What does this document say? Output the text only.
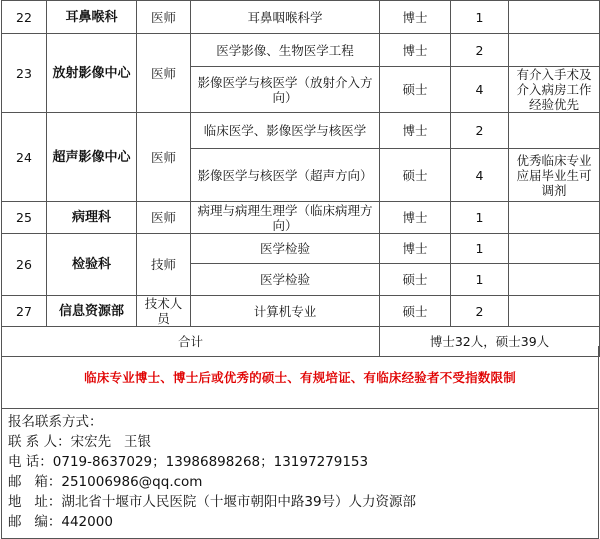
22	耳鼻喉科	医师	耳鼻咽喉科学	博士	1	
23	放射影像中心	医师	医学影像、生物医学工程	博士	2	
			影像医学与核医学（放射介入方向）	硕士	4	有介入手术及介入病房工作经验优先
24	超声影像中心	医师	临床医学、影像医学与核医学	博士	2	
			影像医学与核医学（超声方向）	硕士	4	优秀临床专业应届毕业生可调剂
25	病理科	医师	病理与病理生理学（临床病理方向）	博士	1	
26	检验科	技师	医学检验	博士	1	
			医学检验	硕士	1	
27	信息资源部	技术人员	计算机专业	硕士	2	
合计				博士32人，硕士39人		
临床专业博士、博士后或优秀的硕士、有规培证、有临床经验者不受指数限制
报名联系方式：
联 系 人：宋宏先   王银
电 话：0719-8637029；13986898268；13197279153
邮   箱：251006986@qq.com
地   址：湖北省十堰市人民医院（十堰市朝阳中路39号）人力资源部
邮   编：442000
